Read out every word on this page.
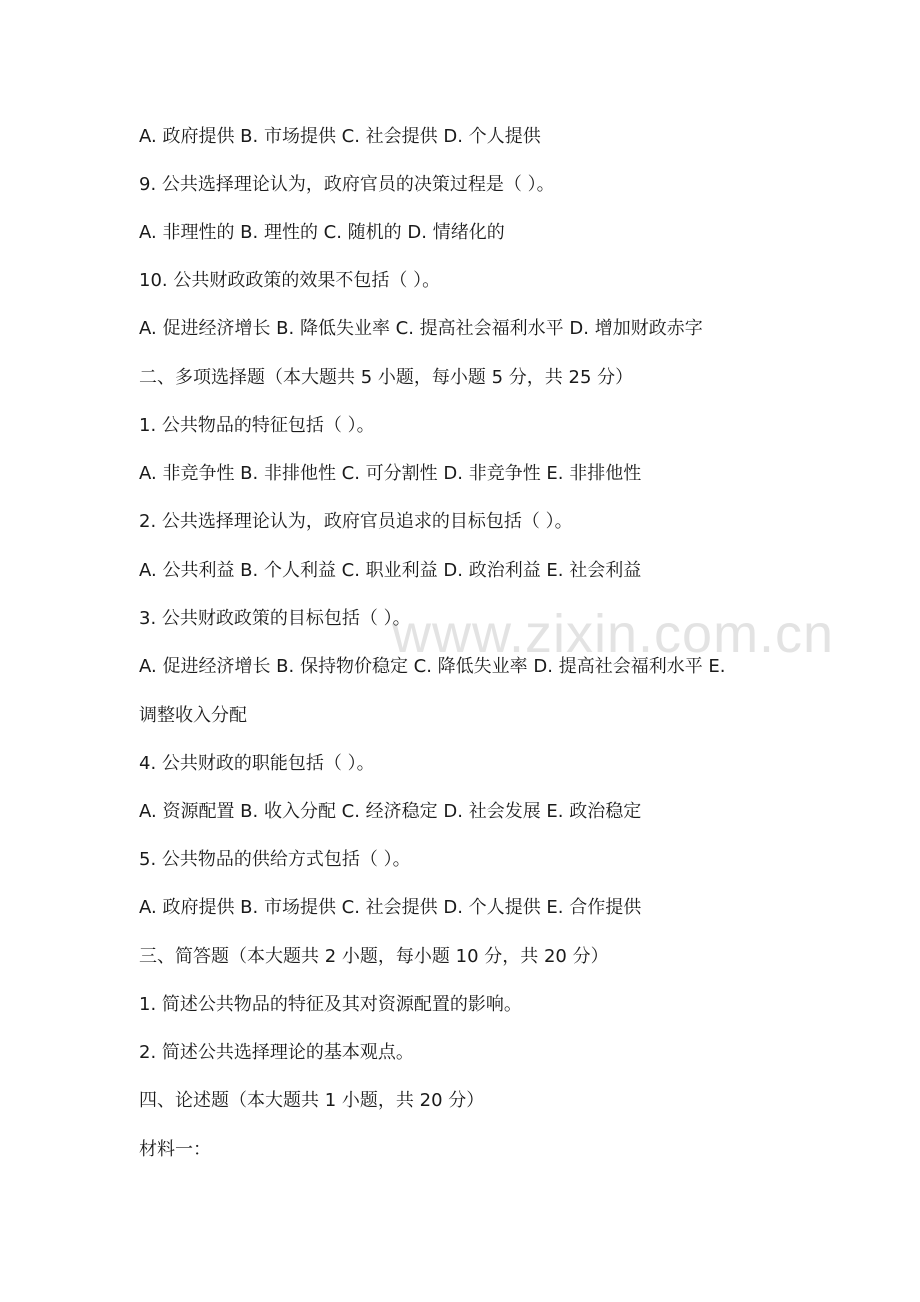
www.zixin.com.cn
A. 政府提供 B. 市场提供 C. 社会提供 D. 个人提供
9. 公共选择理论认为，政府官员的决策过程是（ ）。
A. 非理性的 B. 理性的 C. 随机的 D. 情绪化的
10. 公共财政政策的效果不包括（ ）。
A. 促进经济增长 B. 降低失业率 C. 提高社会福利水平 D. 增加财政赤字
二、多项选择题（本大题共 5 小题，每小题 5 分，共 25 分）
1. 公共物品的特征包括（ ）。
A. 非竞争性 B. 非排他性 C. 可分割性 D. 非竞争性 E. 非排他性
2. 公共选择理论认为，政府官员追求的目标包括（ ）。
A. 公共利益 B. 个人利益 C. 职业利益 D. 政治利益 E. 社会利益
3. 公共财政政策的目标包括（ ）。
A. 促进经济增长 B. 保持物价稳定 C. 降低失业率 D. 提高社会福利水平 E.
调整收入分配
4. 公共财政的职能包括（ ）。
A. 资源配置 B. 收入分配 C. 经济稳定 D. 社会发展 E. 政治稳定
5. 公共物品的供给方式包括（ ）。
A. 政府提供 B. 市场提供 C. 社会提供 D. 个人提供 E. 合作提供
三、简答题（本大题共 2 小题，每小题 10 分，共 20 分）
1. 简述公共物品的特征及其对资源配置的影响。
2. 简述公共选择理论的基本观点。
四、论述题（本大题共 1 小题，共 20 分）
材料一：
